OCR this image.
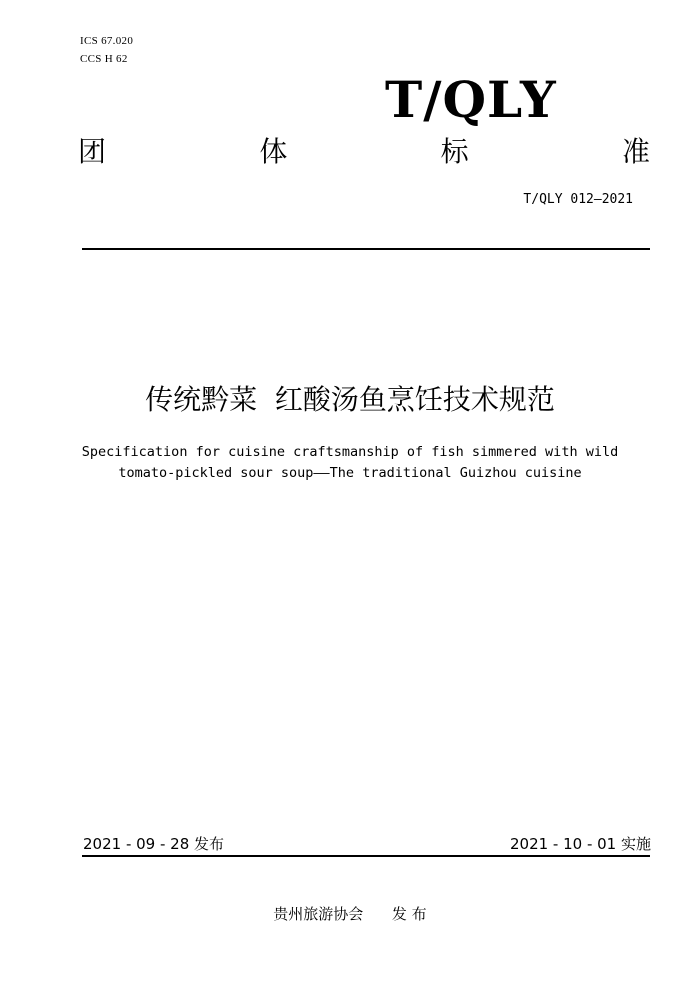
ICS 67.020
CCS H 62
T/QLY
团	体	标	准
T/QLY 012—2021
传统黔菜  红酸汤鱼烹饪技术规范
Specification for cuisine craftsmanship of fish simmered with wild
tomato-pickled sour soup——The traditional Guizhou cuisine
2021 - 09 - 28 发布	2021 - 10 - 01 实施
贵州旅游协会      发 布
